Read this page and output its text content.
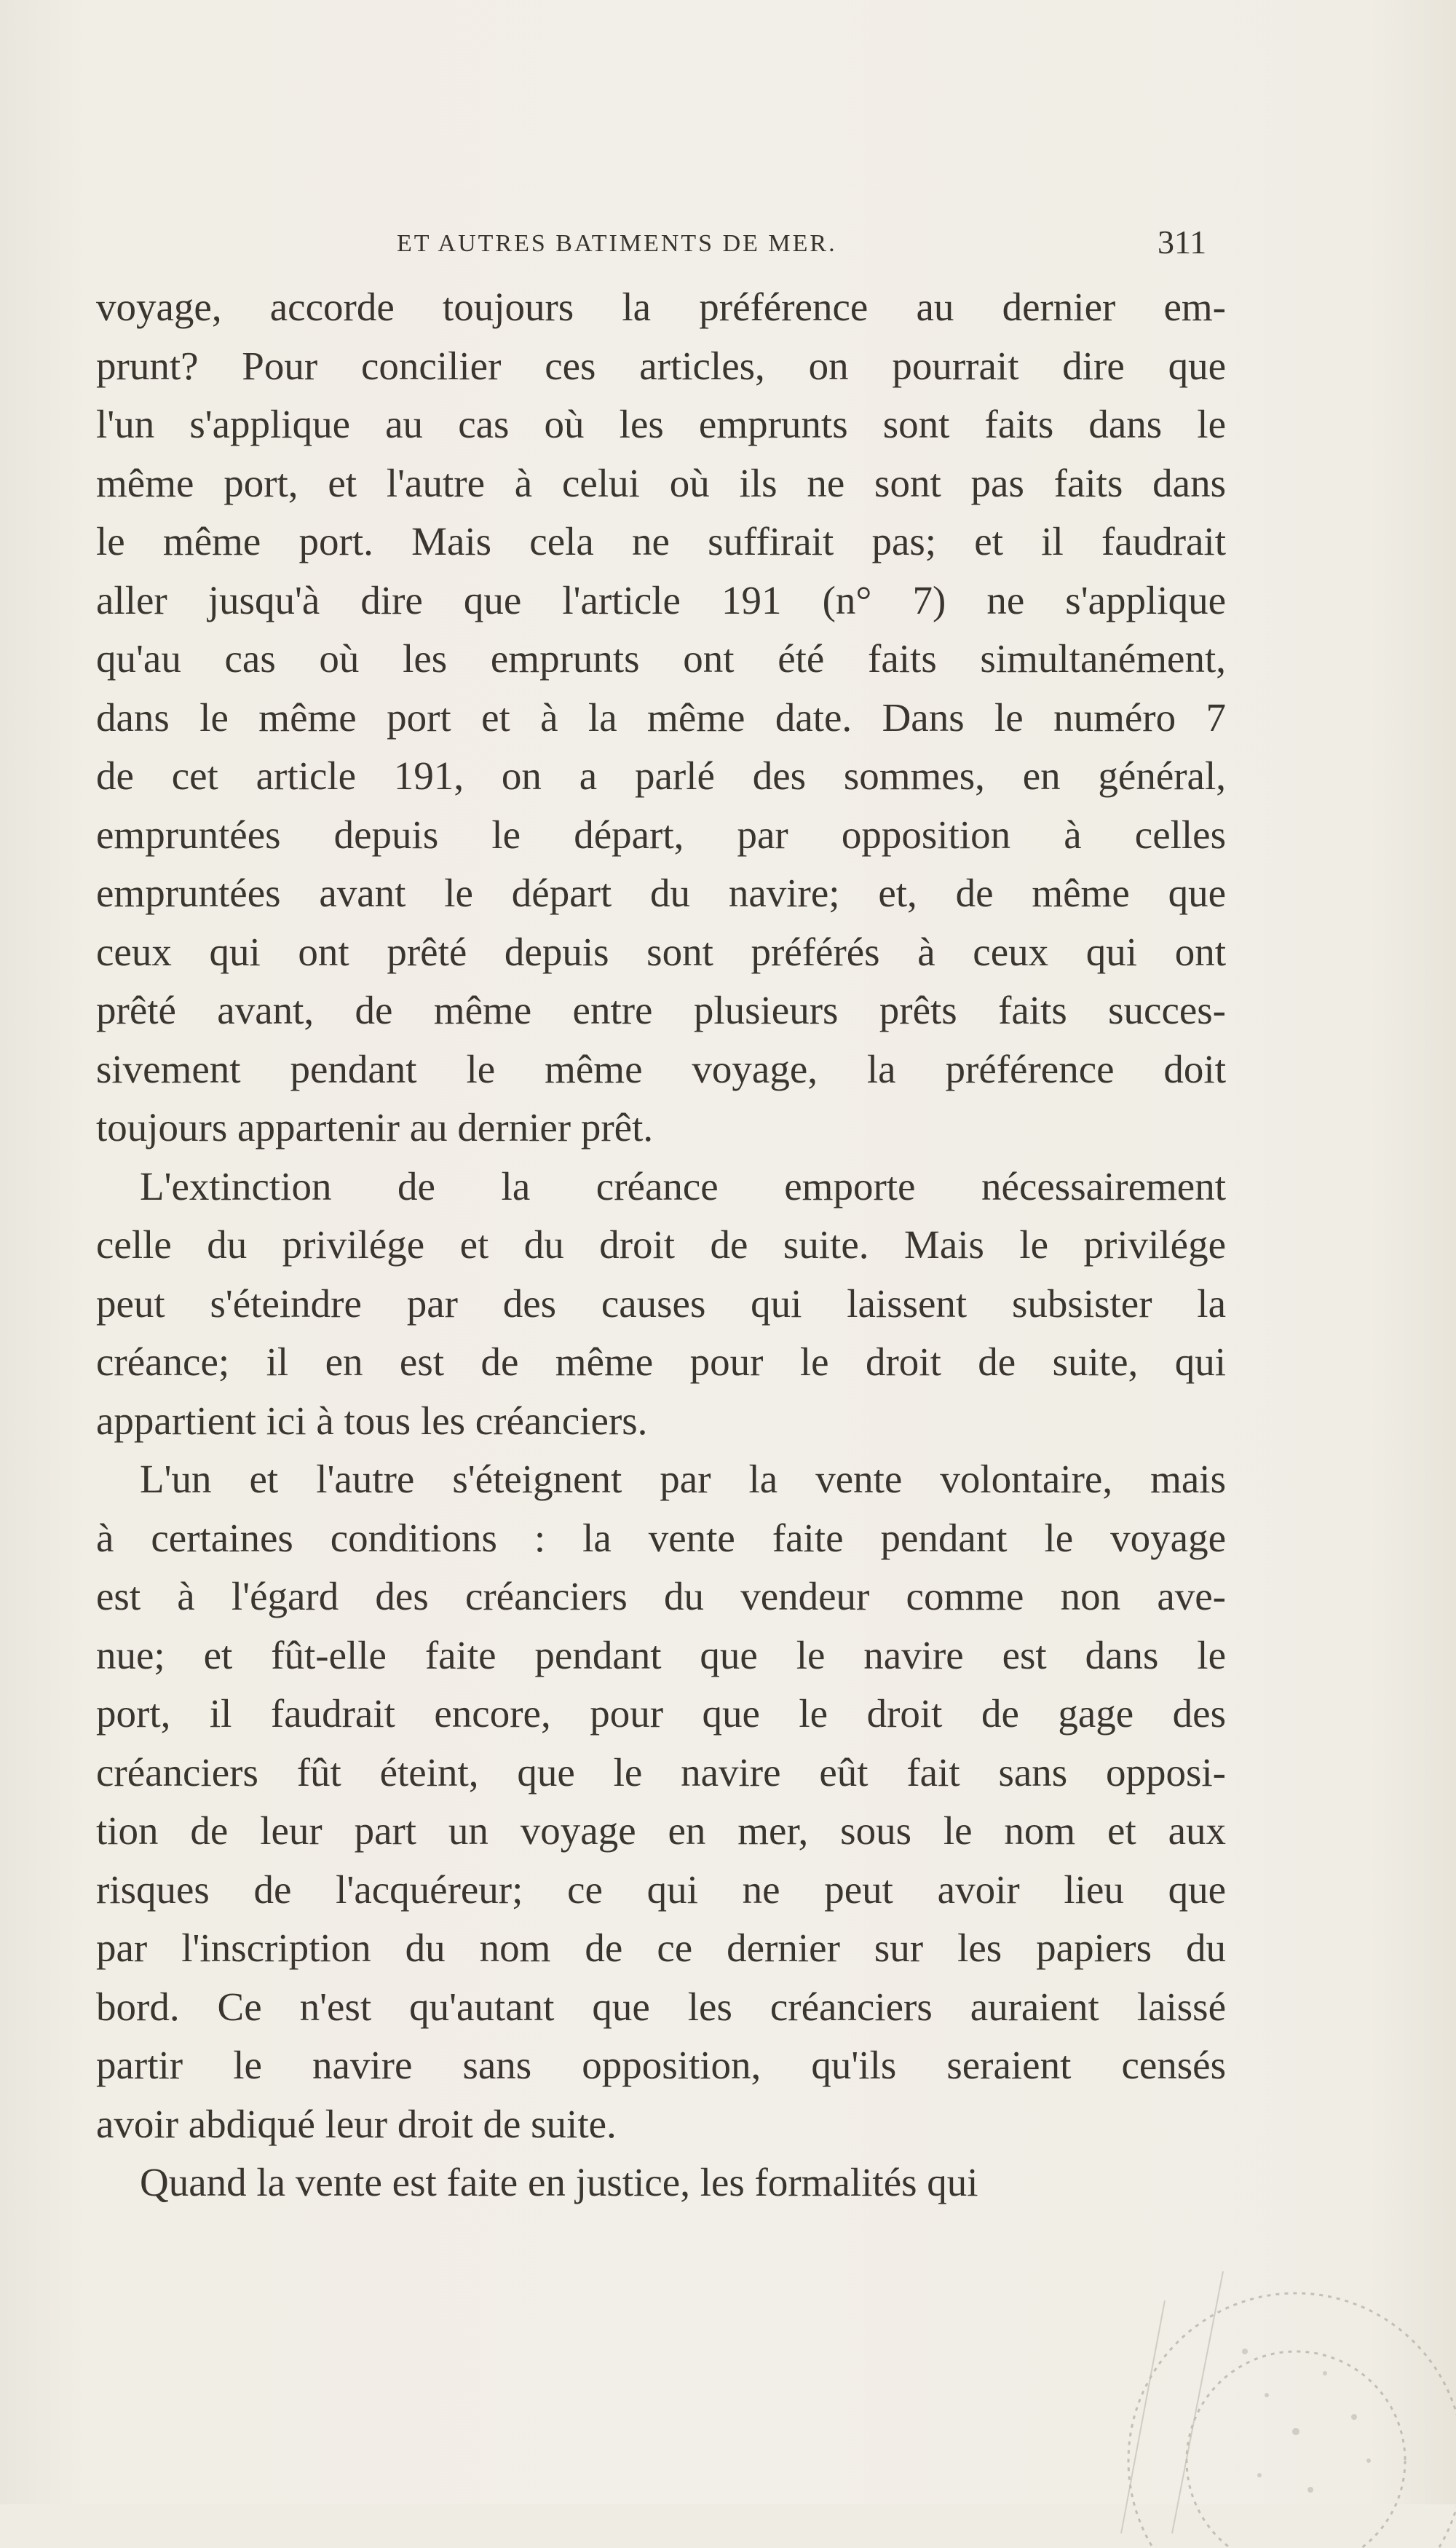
ET AUTRES BATIMENTS DE MER.	311
voyage, accorde toujours la préférence au dernier em-
prunt? Pour concilier ces articles, on pourrait dire que
l'un s'applique au cas où les emprunts sont faits dans le
même port, et l'autre à celui où ils ne sont pas faits dans
le même port. Mais cela ne suffirait pas; et il faudrait
aller jusqu'à dire que l'article 191 (n° 7) ne s'applique
qu'au cas où les emprunts ont été faits simultanément,
dans le même port et à la même date. Dans le numéro 7
de cet article 191, on a parlé des sommes, en général,
empruntées depuis le départ, par opposition à celles
empruntées avant le départ du navire; et, de même que
ceux qui ont prêté depuis sont préférés à ceux qui ont
prêté avant, de même entre plusieurs prêts faits succes-
sivement pendant le même voyage, la préférence doit
toujours appartenir au dernier prêt.
L'extinction de la créance emporte nécessairement
celle du privilége et du droit de suite. Mais le privilége
peut s'éteindre par des causes qui laissent subsister la
créance; il en est de même pour le droit de suite, qui
appartient ici à tous les créanciers.
L'un et l'autre s'éteignent par la vente volontaire, mais
à certaines conditions : la vente faite pendant le voyage
est à l'égard des créanciers du vendeur comme non ave-
nue; et fût-elle faite pendant que le navire est dans le
port, il faudrait encore, pour que le droit de gage des
créanciers fût éteint, que le navire eût fait sans opposi-
tion de leur part un voyage en mer, sous le nom et aux
risques de l'acquéreur; ce qui ne peut avoir lieu que
par l'inscription du nom de ce dernier sur les papiers du
bord. Ce n'est qu'autant que les créanciers auraient laissé
partir le navire sans opposition, qu'ils seraient censés
avoir abdiqué leur droit de suite.
Quand la vente est faite en justice, les formalités qui
